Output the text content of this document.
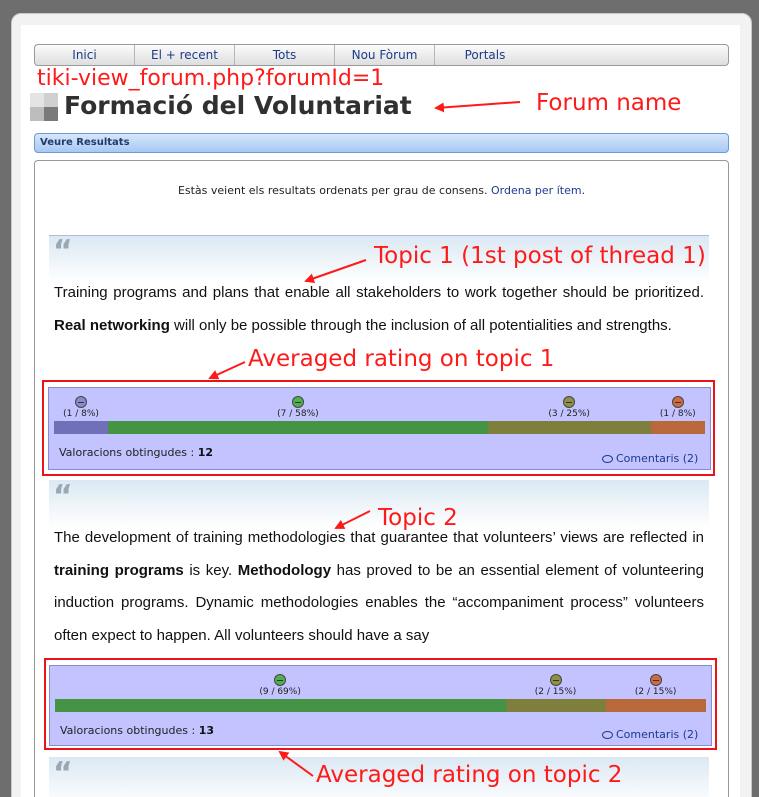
Inici	El + recent	Tots	Nou Fòrum	Portals
tiki-view_forum.php?forumId=1
Formació del Voluntariat	Forum name
Veure Resultats
Estàs veient els resultats ordenats per grau de consens. Ordena per ítem.
“	Topic 1 (1st post of thread 1)
Training programs and plans that enable all stakeholders to work together should be prioritized. Real networking will only be possible through the inclusion of all potentialities and strengths.
Averaged rating on topic 1
(1 / 8%)	(7 / 58%)	(3 / 25%)	(1 / 8%)
Valoracions obtingudes : 12	Comentaris (2)
“
Topic 2
The development of training methodologies that guarantee that volunteers’ views are reflected in training programs is key. Methodology has proved to be an essential element of volunteering induction programs. Dynamic methodologies enables the “accompaniment process” volunteers often expect to happen. All volunteers should have a say
(9 / 69%)	(2 / 15%)	(2 / 15%)
Valoracions obtingudes : 13	Comentaris (2)
“	Averaged rating on topic 2
